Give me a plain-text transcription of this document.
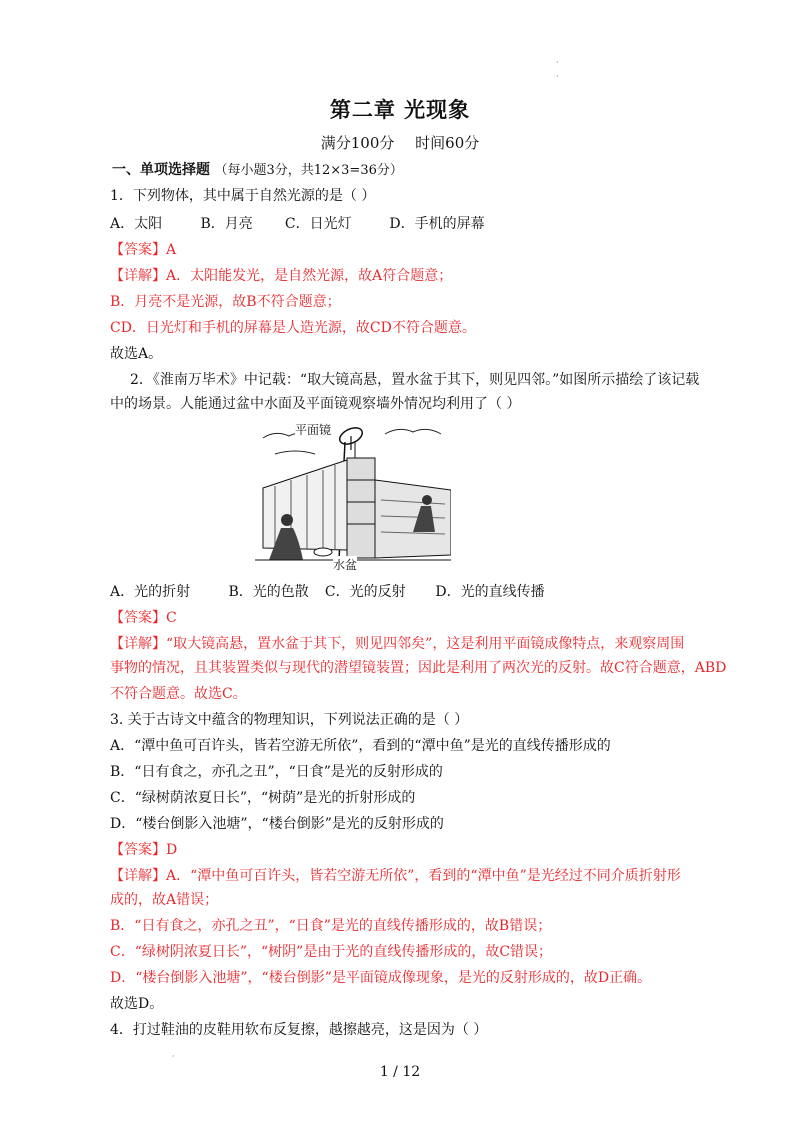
·
·
第二章 光现象
满分100分 时间60分
一、单项选择题 （每小题3分，共12×3=36分）
1．下列物体，其中属于自然光源的是（ ）
A．太阳	B．月亮 C．日光灯	D．手机的屏幕
【答案】A
【详解】A．太阳能发光，是自然光源，故A符合题意；
B．月亮不是光源，故B不符合题意；
CD．日光灯和手机的屏幕是人造光源，故CD不符合题意。
故选A。
2．《淮南万毕术》中记载：“取大镜高悬，置水盆于其下，则见四邻。”如图所示描绘了该记载
中的场景。人能通过盆中水面及平面镜观察墙外情况均利用了（ ）
平面镜
水盆
A．光的折射	B．光的色散 C．光的反射 D．光的直线传播
【答案】C
【详解】“取大镜高悬，置水盆于其下，则见四邻矣”，这是利用平面镜成像特点，来观察周围
事物的情况，且其装置类似与现代的潜望镜装置；因此是利用了两次光的反射。故C符合题意，ABD
不符合题意。故选C。
3. 关于古诗文中蕴含的物理知识，下列说法正确的是（ ）
A．“潭中鱼可百许头，皆若空游无所依”，看到的“潭中鱼”是光的直线传播形成的
B．“日有食之，亦孔之丑”，“日食”是光的反射形成的
C．“绿树荫浓夏日长”，“树荫”是光的折射形成的
D．“楼台倒影入池塘”，“楼台倒影”是光的反射形成的
【答案】D
【详解】A．“潭中鱼可百许头，皆若空游无所依”，看到的“潭中鱼”是光经过不同介质折射形
成的，故A错误；
B．“日有食之，亦孔之丑”，“日食”是光的直线传播形成的，故B错误；
C．“绿树阴浓夏日长”，“树阴”是由于光的直线传播形成的，故C错误；
D．“楼台倒影入池塘”，“楼台倒影”是平面镜成像现象，是光的反射形成的，故D正确。
故选D。
4．打过鞋油的皮鞋用软布反复擦，越擦越亮，这是因为（ ）
·
1 / 12
